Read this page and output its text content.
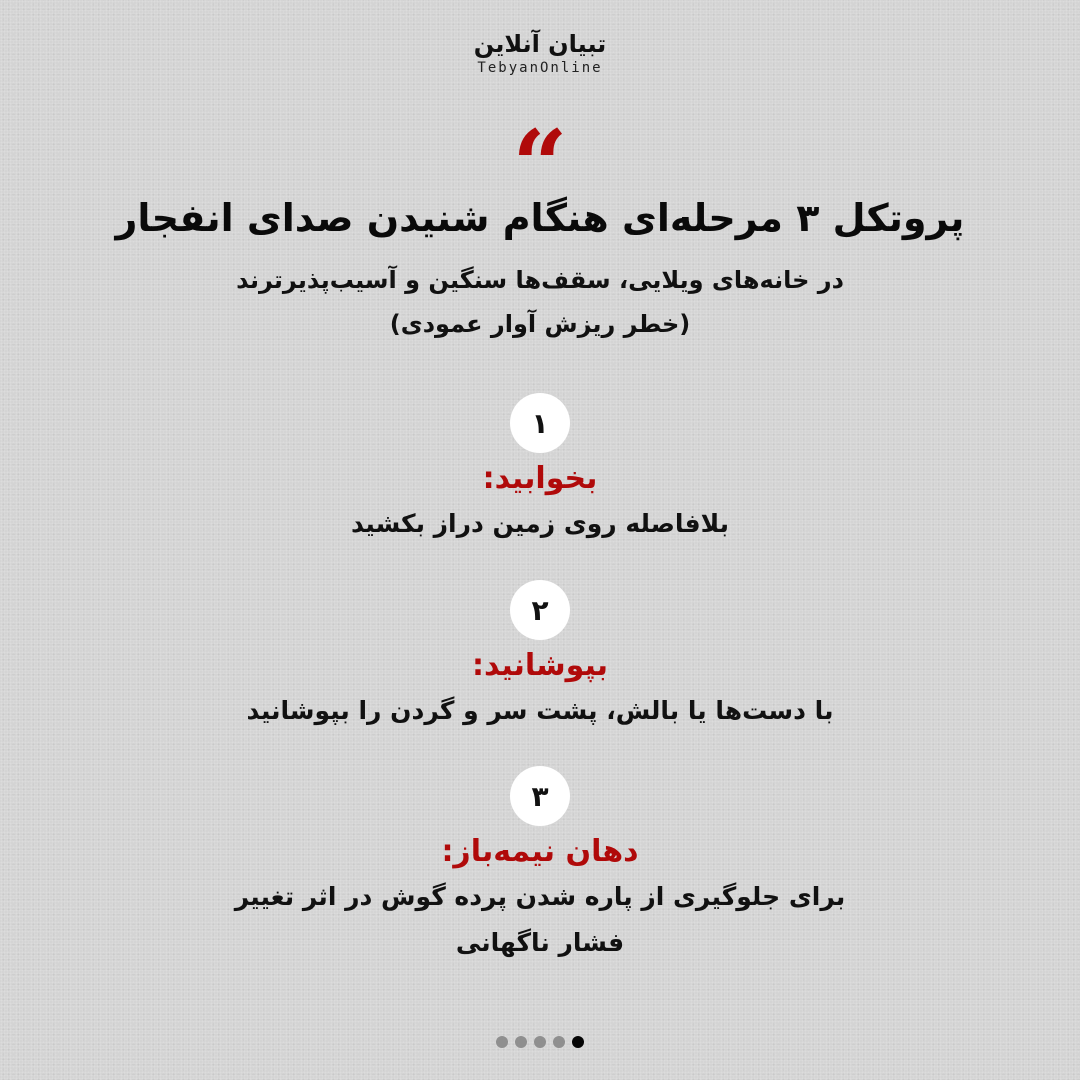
تبیان آنلاین
TebyanOnline
“
پروتکل ۳ مرحله‌ای هنگام شنیدن صدای انفجار
در خانه‌های ویلایی، سقف‌ها سنگین و آسیب‌پذیرترند
(خطر ریزش آوار عمودی)
۱
بخوابید:
بلافاصله روی زمین دراز بکشید
۲
بپوشانید:
با دست‌ها یا بالش، پشت سر و گردن را بپوشانید
۳
دهان نیمه‌باز:
برای جلوگیری از پاره شدن پرده گوش در اثر تغییر
فشار ناگهانی
